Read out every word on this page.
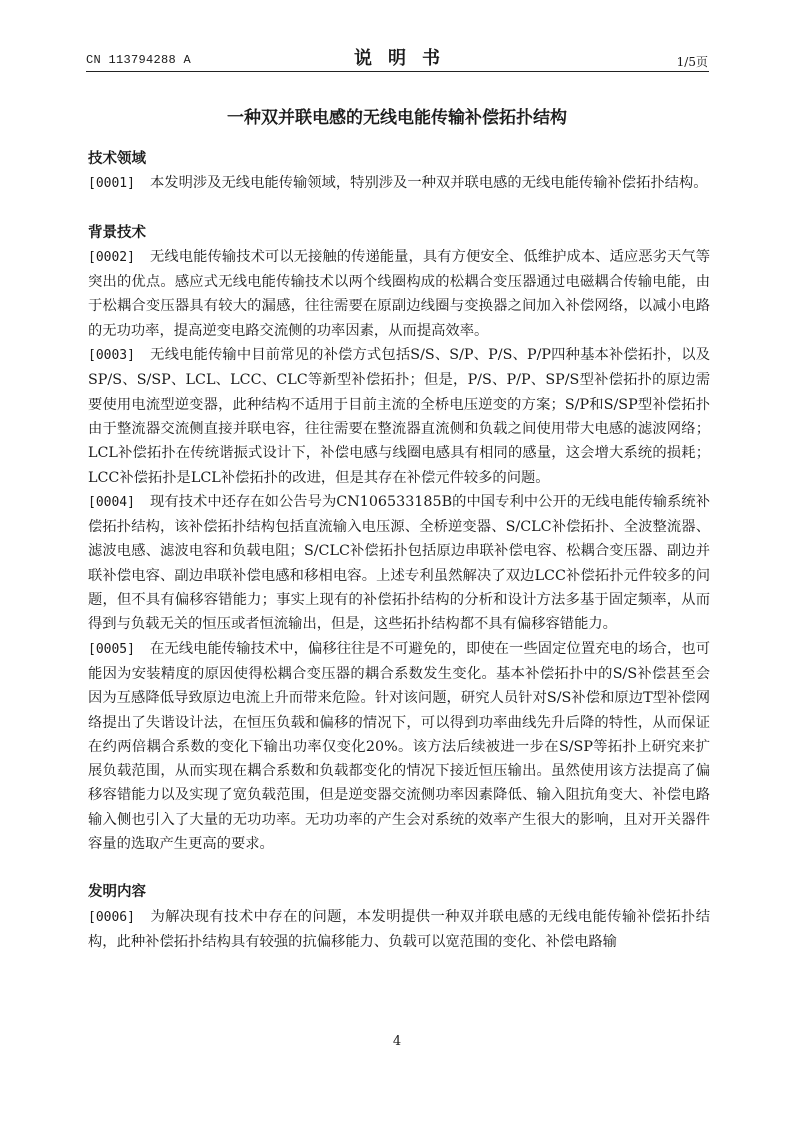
CN 113794288 A	说明书	1/5页
一种双并联电感的无线电能传输补偿拓扑结构
技术领域

[0001] 本发明涉及无线电能传输领域，特别涉及一种双并联电感的无线电能传输补偿拓扑结构。

背景技术

[0002] 无线电能传输技术可以无接触的传递能量，具有方便安全、低维护成本、适应恶劣天气等突出的优点。感应式无线电能传输技术以两个线圈构成的松耦合变压器通过电磁耦合传输电能，由于松耦合变压器具有较大的漏感，往往需要在原副边线圈与变换器之间加入补偿网络，以减小电路的无功功率，提高逆变电路交流侧的功率因素，从而提高效率。

[0003] 无线电能传输中目前常见的补偿方式包括S/S、S/P、P/S、P/P四种基本补偿拓扑，以及SP/S、S/SP、LCL、LCC、CLC等新型补偿拓扑；但是，P/S、P/P、SP/S型补偿拓扑的原边需要使用电流型逆变器，此种结构不适用于目前主流的全桥电压逆变的方案；S/P和S/SP型补偿拓扑由于整流器交流侧直接并联电容，往往需要在整流器直流侧和负载之间使用带大电感的滤波网络；LCL补偿拓扑在传统谐振式设计下，补偿电感与线圈电感具有相同的感量，这会增大系统的损耗；LCC补偿拓扑是LCL补偿拓扑的改进，但是其存在补偿元件较多的问题。

[0004] 现有技术中还存在如公告号为CN106533185B的中国专利中公开的无线电能传输系统补偿拓扑结构，该补偿拓扑结构包括直流输入电压源、全桥逆变器、S/CLC补偿拓扑、全波整流器、滤波电感、滤波电容和负载电阻；S/CLC补偿拓扑包括原边串联补偿电容、松耦合变压器、副边并联补偿电容、副边串联补偿电感和移相电容。上述专利虽然解决了双边LCC补偿拓扑元件较多的问题，但不具有偏移容错能力；事实上现有的补偿拓扑结构的分析和设计方法多基于固定频率，从而得到与负载无关的恒压或者恒流输出，但是，这些拓扑结构都不具有偏移容错能力。

[0005] 在无线电能传输技术中，偏移往往是不可避免的，即使在一些固定位置充电的场合，也可能因为安装精度的原因使得松耦合变压器的耦合系数发生变化。基本补偿拓扑中的S/S补偿甚至会因为互感降低导致原边电流上升而带来危险。针对该问题，研究人员针对S/S补偿和原边T型补偿网络提出了失谐设计法，在恒压负载和偏移的情况下，可以得到功率曲线先升后降的特性，从而保证在约两倍耦合系数的变化下输出功率仅变化20%。该方法后续被进一步在S/SP等拓扑上研究来扩展负载范围，从而实现在耦合系数和负载都变化的情况下接近恒压输出。虽然使用该方法提高了偏移容错能力以及实现了宽负载范围，但是逆变器交流侧功率因素降低、输入阻抗角变大、补偿电路输入侧也引入了大量的无功功率。无功功率的产生会对系统的效率产生很大的影响，且对开关器件容量的选取产生更高的要求。

发明内容

[0006] 为解决现有技术中存在的问题，本发明提供一种双并联电感的无线电能传输补偿拓扑结构，此种补偿拓扑结构具有较强的抗偏移能力、负载可以宽范围的变化、补偿电路输

4
